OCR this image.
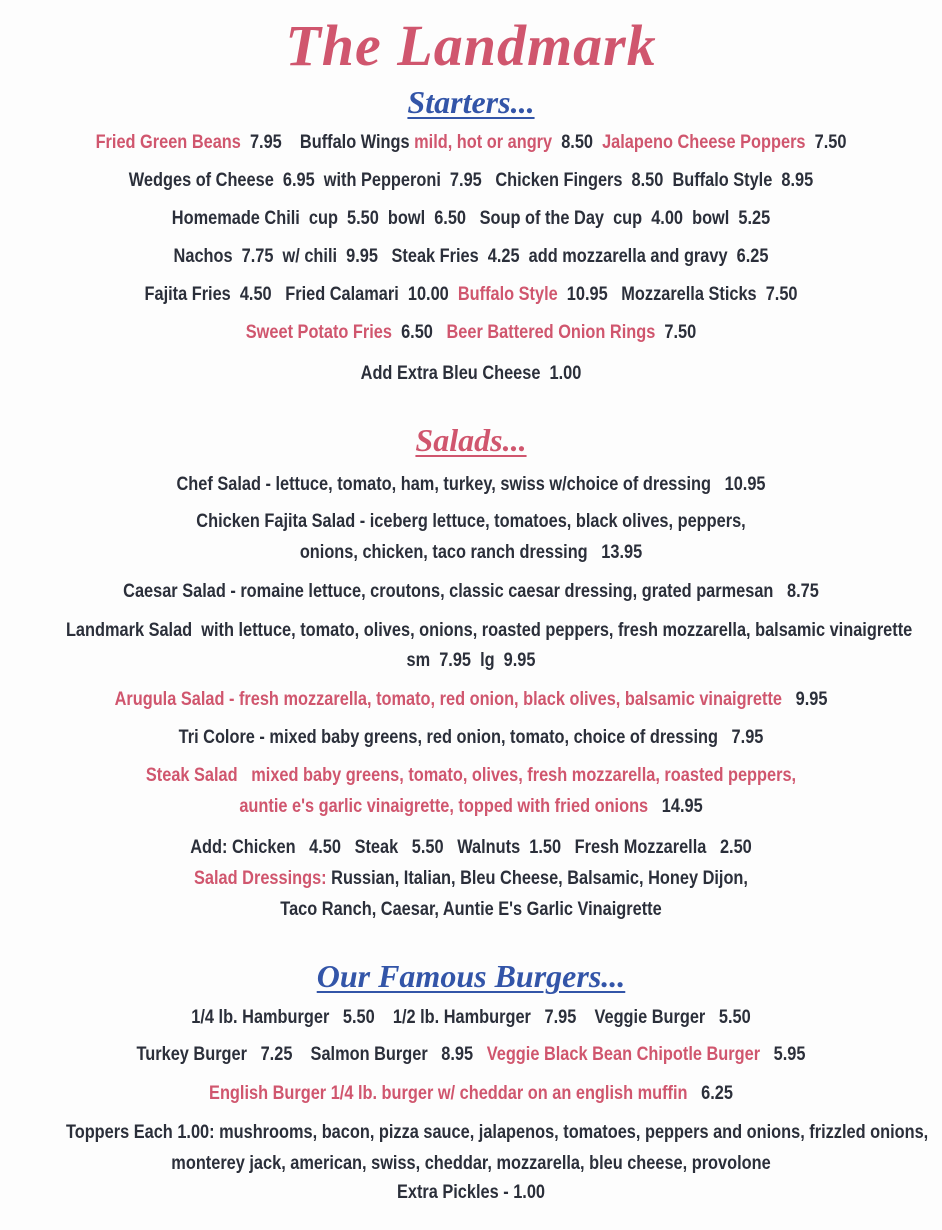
The Landmark
Starters...
Fried Green Beans  7.95    Buffalo Wings mild, hot or angry  8.50  Jalapeno Cheese Poppers  7.50
Wedges of Cheese  6.95  with Pepperoni  7.95   Chicken Fingers  8.50  Buffalo Style  8.95
Homemade Chili  cup  5.50  bowl  6.50   Soup of the Day  cup  4.00  bowl  5.25
Nachos  7.75  w/ chili  9.95   Steak Fries  4.25  add mozzarella and gravy  6.25
Fajita Fries  4.50   Fried Calamari  10.00  Buffalo Style  10.95   Mozzarella Sticks  7.50
Sweet Potato Fries  6.50   Beer Battered Onion Rings  7.50
Add Extra Bleu Cheese  1.00
Salads...
Chef Salad - lettuce, tomato, ham, turkey, swiss w/choice of dressing   10.95
Chicken Fajita Salad - iceberg lettuce, tomatoes, black olives, peppers,
onions, chicken, taco ranch dressing   13.95
Caesar Salad - romaine lettuce, croutons, classic caesar dressing, grated parmesan   8.75
Landmark Salad  with lettuce, tomato, olives, onions, roasted peppers, fresh mozzarella, balsamic vinaigrette
sm  7.95  lg  9.95
Arugula Salad - fresh mozzarella, tomato, red onion, black olives, balsamic vinaigrette   9.95
Tri Colore - mixed baby greens, red onion, tomato, choice of dressing   7.95
Steak Salad   mixed baby greens, tomato, olives, fresh mozzarella, roasted peppers,
auntie e's garlic vinaigrette, topped with fried onions   14.95
Add: Chicken   4.50   Steak   5.50   Walnuts  1.50   Fresh Mozzarella   2.50
Salad Dressings: Russian, Italian, Bleu Cheese, Balsamic, Honey Dijon,
Taco Ranch, Caesar, Auntie E's Garlic Vinaigrette
Our Famous Burgers...
1/4 lb. Hamburger   5.50    1/2 lb. Hamburger   7.95    Veggie Burger   5.50
Turkey Burger   7.25    Salmon Burger   8.95   Veggie Black Bean Chipotle Burger   5.95
English Burger 1/4 lb. burger w/ cheddar on an english muffin   6.25
Toppers Each 1.00: mushrooms, bacon, pizza sauce, jalapenos, tomatoes, peppers and onions, frizzled onions,
monterey jack, american, swiss, cheddar, mozzarella, bleu cheese, provolone
Extra Pickles - 1.00
